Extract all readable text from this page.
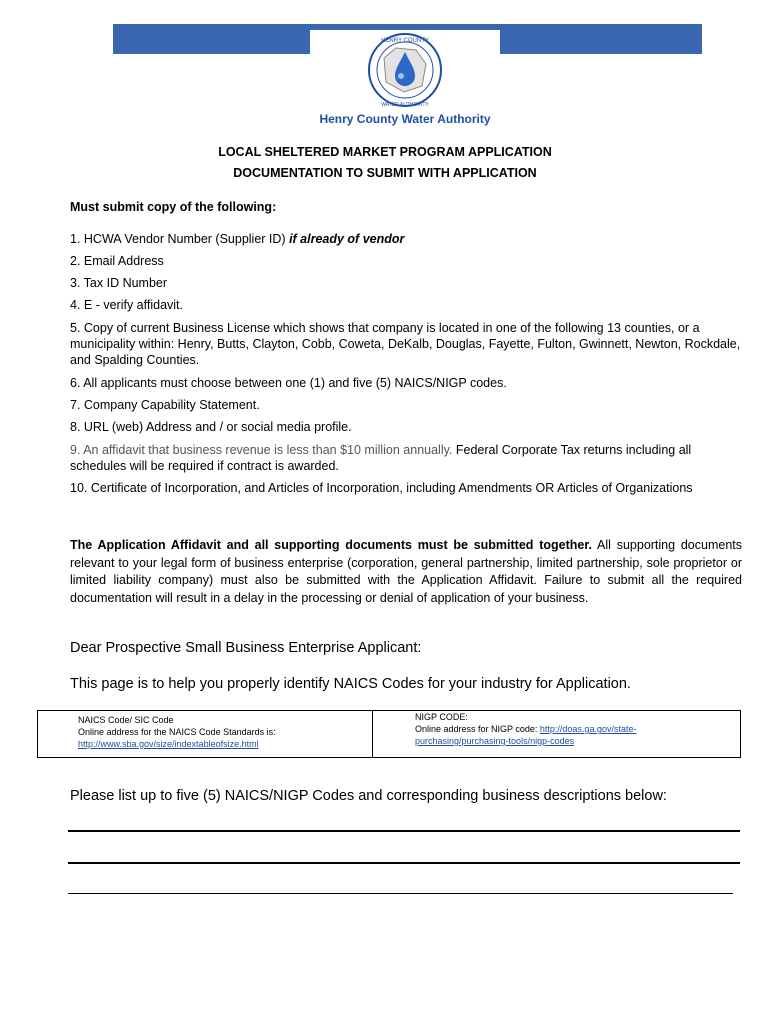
HENRY COUNTY
WATER AUTHORITY
Henry County Water Authority
LOCAL SHELTERED MARKET PROGRAM APPLICATION
DOCUMENTATION TO SUBMIT WITH APPLICATION
Must submit copy of the following:
1. HCWA Vendor Number (Supplier ID) if already of vendor
2. Email Address
3. Tax ID Number
4. E - verify affidavit.
5. Copy of current Business License which shows that company is located in one of the following 13 counties, or a municipality within: Henry, Butts, Clayton, Cobb, Coweta, DeKalb, Douglas, Fayette, Fulton, Gwinnett, Newton, Rockdale, and Spalding Counties.
6. All applicants must choose between one (1) and five (5) NAICS/NIGP codes.
7. Company Capability Statement.
8. URL (web) Address and / or social media profile.
9. An affidavit that business revenue is less than $10 million annually. Federal Corporate Tax returns including all schedules will be required if contract is awarded.
10. Certificate of Incorporation, and Articles of Incorporation, including Amendments OR Articles of Organizations
The Application Affidavit and all supporting documents must be submitted together. All supporting documents relevant to your legal form of business enterprise (corporation, general partnership, limited partnership, sole proprietor or limited liability company) must also be submitted with the Application Affidavit. Failure to submit all the required documentation will result in a delay in the processing or denial of application of your business.
Dear Prospective Small Business Enterprise Applicant:
This page is to help you properly identify NAICS Codes for your industry for Application.
NAICS Code/ SIC Code
Online address for the NAICS Code Standards is:
http://www.sba.gov/size/indextableofsize.html
NIGP CODE:
Online address for NIGP code: http://doas.ga.gov/state-
purchasing/purchasing-tools/nigp-codes
Please list up to five (5) NAICS/NIGP Codes and corresponding business descriptions below:
